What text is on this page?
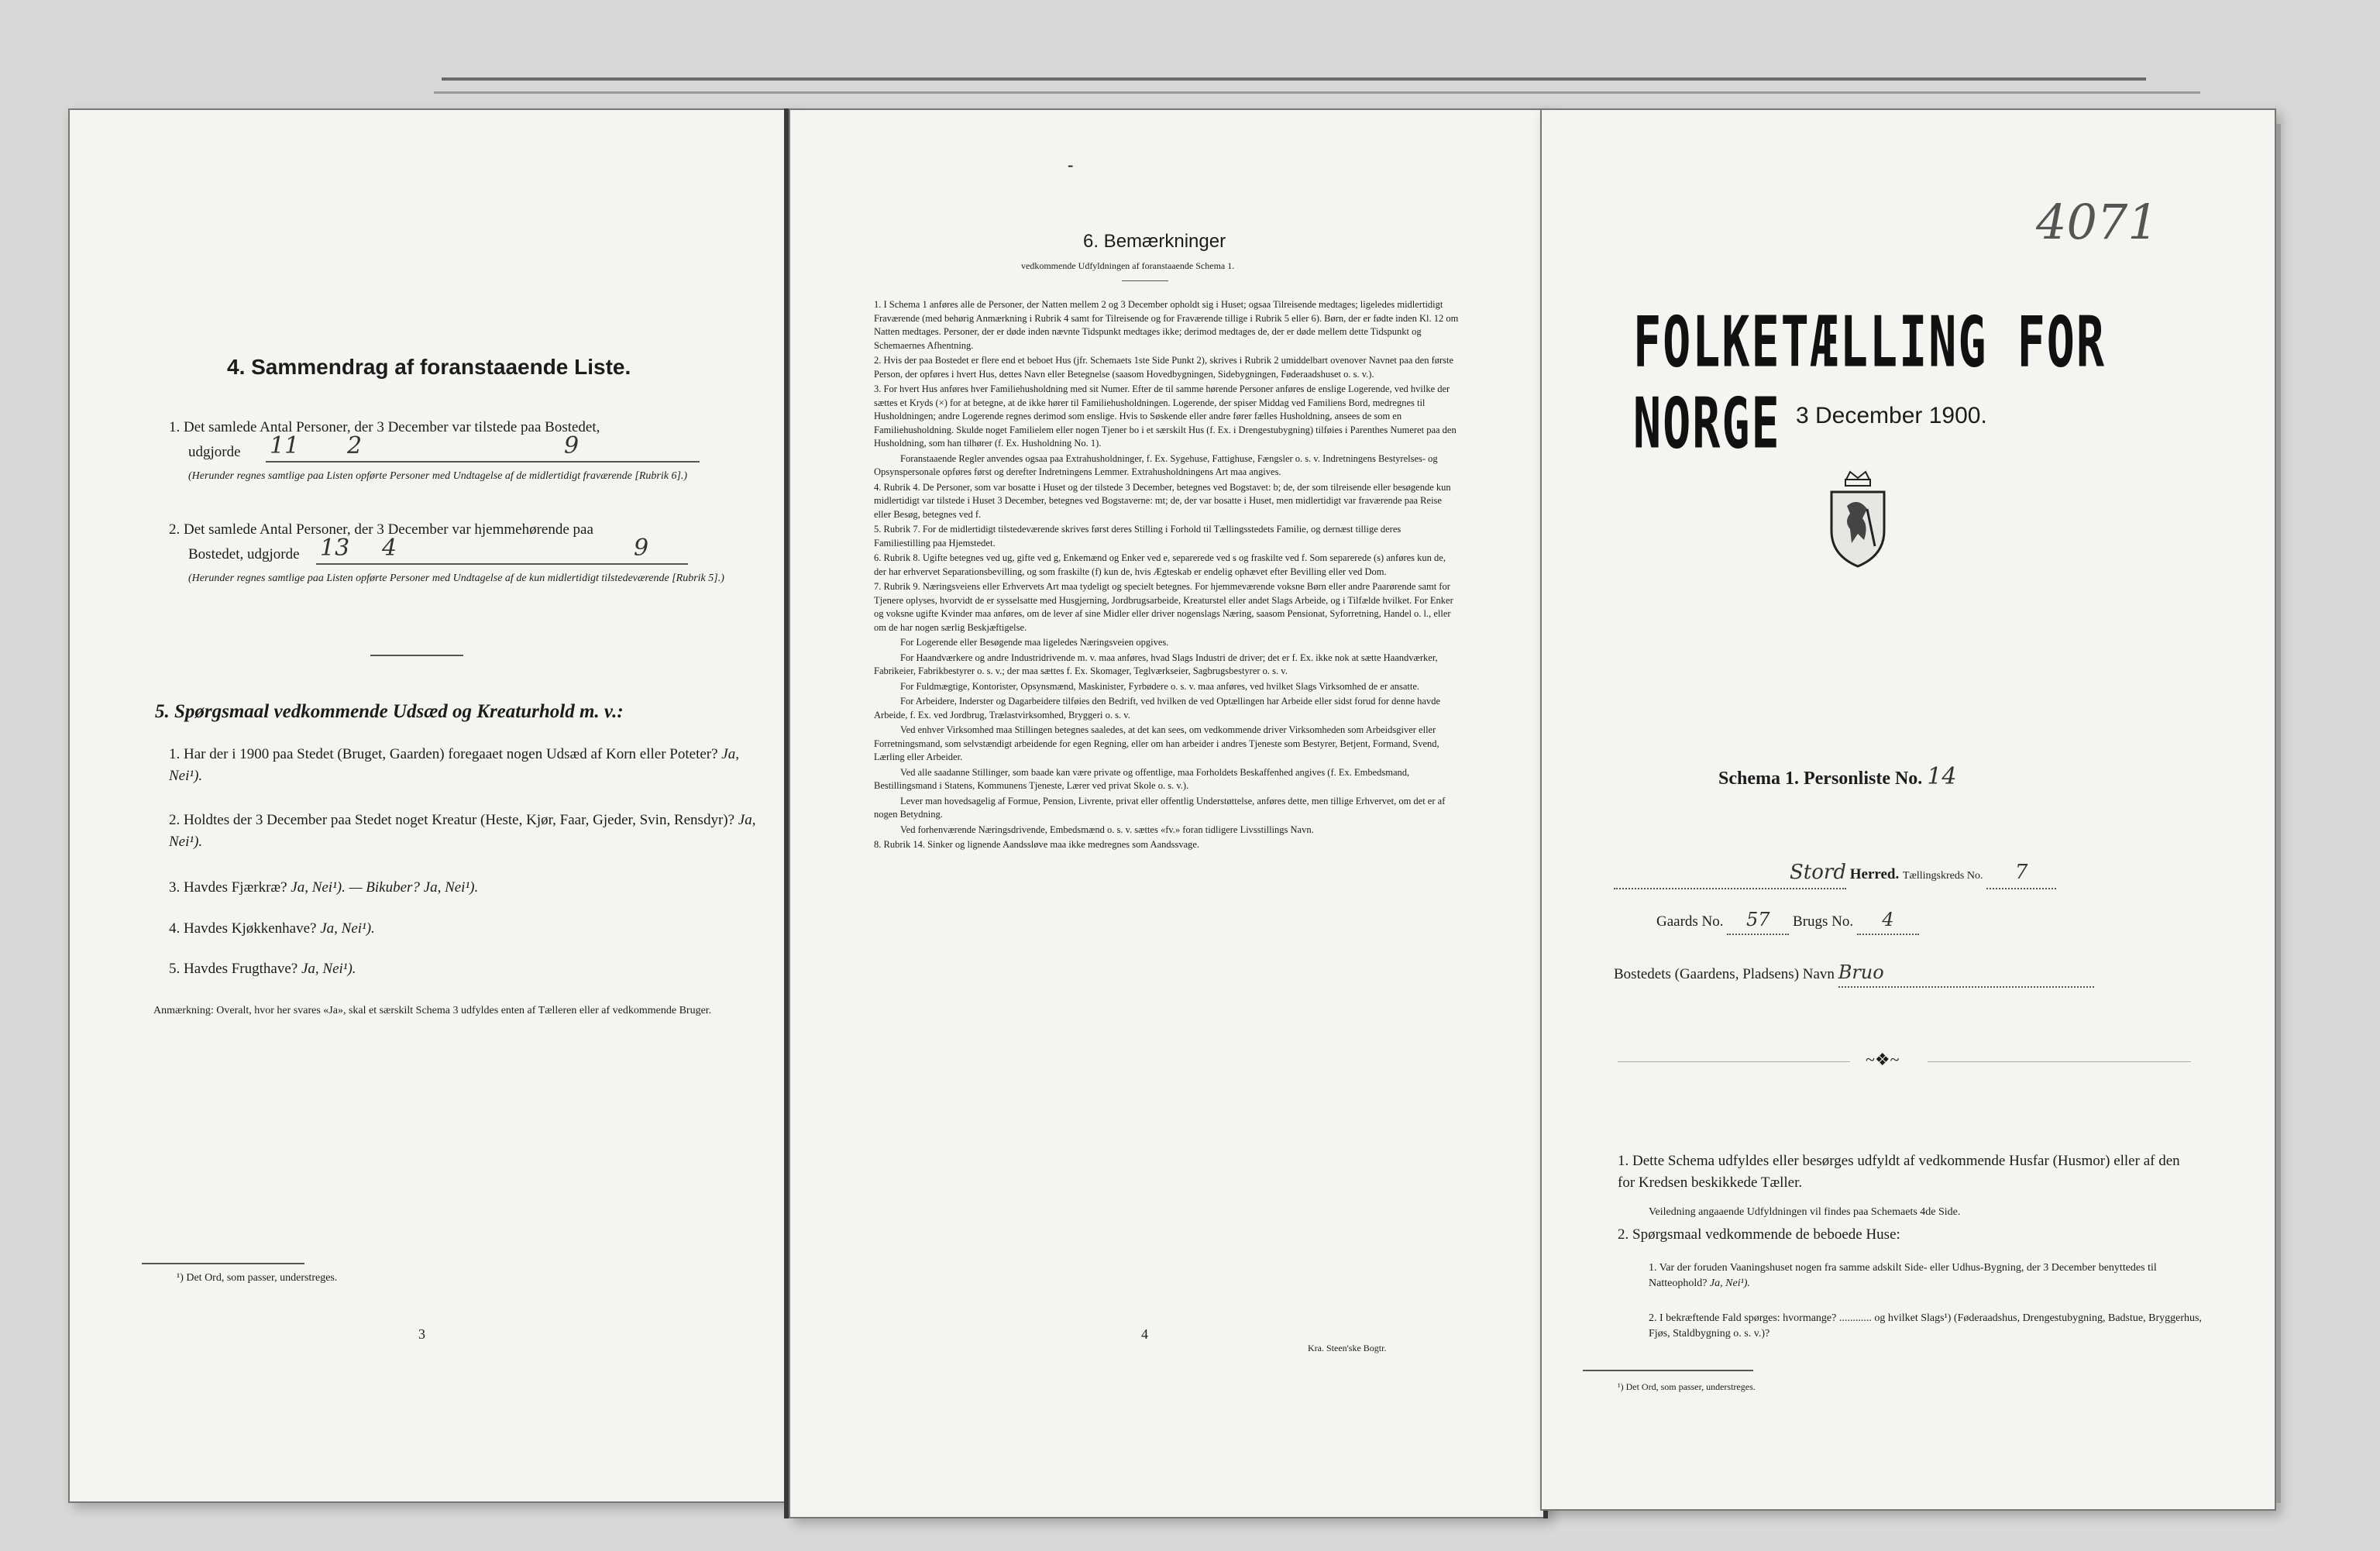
4. Sammendrag af foranstaaende Liste.
1. Det samlede Antal Personer, der 3 December var tilstede paa Bostedet,
udgjorde 11 2	9
(Herunder regnes samtlige paa Listen opførte Personer med Undtagelse af de midlertidigt fraværende [Rubrik 6].)
2. Det samlede Antal Personer, der 3 December var hjemmehørende paa
Bostedet, udgjorde 13 4	9
(Herunder regnes samtlige paa Listen opførte Personer med Undtagelse af de kun midlertidigt tilstedeværende [Rubrik 5].)
5. Spørgsmaal vedkommende Udsæd og Kreaturhold m. v.:
1. Har der i 1900 paa Stedet (Bruget, Gaarden) foregaaet nogen Udsæd af Korn eller Poteter? Ja, Nei¹).
2. Holdtes der 3 December paa Stedet noget Kreatur (Heste, Kjør, Faar, Gjeder, Svin, Rensdyr)? Ja, Nei¹).
3. Havdes Fjærkræ? Ja, Nei¹). — Bikuber? Ja, Nei¹).
4. Havdes Kjøkkenhave? Ja, Nei¹).
5. Havdes Frugthave? Ja, Nei¹).
Anmærkning: Overalt, hvor her svares «Ja», skal et særskilt Schema 3 udfyldes enten af Tælleren eller af vedkommende Bruger.
¹) Det Ord, som passer, understreges.
3
-
6. Bemærkninger
vedkommende Udfyldningen af foranstaaende Schema 1.
1. I Schema 1 anføres alle de Personer, der Natten mellem 2 og 3 December opholdt sig i Huset; ogsaa Tilreisende medtages; ligeledes midlertidigt Fraværende (med behørig Anmærkning i Rubrik 4 samt for Tilreisende og for Fraværende tillige i Rubrik 5 eller 6). Børn, der er fødte inden Kl. 12 om Natten medtages. Personer, der er døde inden nævnte Tidspunkt medtages ikke; derimod medtages de, der er døde mellem dette Tidspunkt og Schemaernes Afhentning.
2. Hvis der paa Bostedet er flere end et beboet Hus (jfr. Schemaets 1ste Side Punkt 2), skrives i Rubrik 2 umiddelbart ovenover Navnet paa den første Person, der opføres i hvert Hus, dettes Navn eller Betegnelse (saasom Hovedbygningen, Sidebygningen, Føderaadshuset o. s. v.).
3. For hvert Hus anføres hver Familiehusholdning med sit Numer. Efter de til samme hørende Personer anføres de enslige Logerende, ved hvilke der sættes et Kryds (×) for at betegne, at de ikke hører til Familiehusholdningen. Logerende, der spiser Middag ved Familiens Bord, medregnes til Husholdningen; andre Logerende regnes derimod som enslige. Hvis to Søskende eller andre fører fælles Husholdning, ansees de som en Familiehusholdning. Skulde noget Familielem eller nogen Tjener bo i et særskilt Hus (f. Ex. i Drengestubygning) tilføies i Parenthes Numeret paa den Husholdning, som han tilhører (f. Ex. Husholdning No. 1).
Foranstaaende Regler anvendes ogsaa paa Extrahusholdninger, f. Ex. Sygehuse, Fattighuse, Fængsler o. s. v. Indretningens Bestyrelses- og Opsynspersonale opføres først og derefter Indretningens Lemmer. Extrahusholdningens Art maa angives.
4. Rubrik 4. De Personer, som var bosatte i Huset og der tilstede 3 December, betegnes ved Bogstavet: b; de, der som tilreisende eller besøgende kun midlertidigt var tilstede i Huset 3 December, betegnes ved Bogstaverne: mt; de, der var bosatte i Huset, men midlertidigt var fraværende paa Reise eller Besøg, betegnes ved f.
5. Rubrik 7. For de midlertidigt tilstedeværende skrives først deres Stilling i Forhold til Tællingsstedets Familie, og dernæst tillige deres Familiestilling paa Hjemstedet.
6. Rubrik 8. Ugifte betegnes ved ug, gifte ved g, Enkemænd og Enker ved e, separerede ved s og fraskilte ved f. Som separerede (s) anføres kun de, der har erhvervet Separationsbevilling, og som fraskilte (f) kun de, hvis Ægteskab er endelig ophævet efter Bevilling eller ved Dom.
7. Rubrik 9. Næringsveiens eller Erhvervets Art maa tydeligt og specielt betegnes. For hjemmeværende voksne Børn eller andre Paarørende samt for Tjenere oplyses, hvorvidt de er sysselsatte med Husgjerning, Jordbrugsarbeide, Kreaturstel eller andet Slags Arbeide, og i Tilfælde hvilket. For Enker og voksne ugifte Kvinder maa anføres, om de lever af sine Midler eller driver nogenslags Næring, saasom Pensionat, Syforretning, Handel o. l., eller om de har nogen særlig Beskjæftigelse.
For Logerende eller Besøgende maa ligeledes Næringsveien opgives.
For Haandværkere og andre Industridrivende m. v. maa anføres, hvad Slags Industri de driver; det er f. Ex. ikke nok at sætte Haandværker, Fabrikeier, Fabrikbestyrer o. s. v.; der maa sættes f. Ex. Skomager, Teglværkseier, Sagbrugsbestyrer o. s. v.
For Fuldmægtige, Kontorister, Opsynsmænd, Maskinister, Fyrbødere o. s. v. maa anføres, ved hvilket Slags Virksomhed de er ansatte.
For Arbeidere, Inderster og Dagarbeidere tilføies den Bedrift, ved hvilken de ved Optællingen har Arbeide eller sidst forud for denne havde Arbeide, f. Ex. ved Jordbrug, Trælastvirksomhed, Bryggeri o. s. v.
Ved enhver Virksomhed maa Stillingen betegnes saaledes, at det kan sees, om vedkommende driver Virksomheden som Arbeidsgiver eller Forretningsmand, som selvstændigt arbeidende for egen Regning, eller om han arbeider i andres Tjeneste som Bestyrer, Betjent, Formand, Svend, Lærling eller Arbeider.
Ved alle saadanne Stillinger, som baade kan være private og offentlige, maa Forholdets Beskaffenhed angives (f. Ex. Embedsmand, Bestillingsmand i Statens, Kommunens Tjeneste, Lærer ved privat Skole o. s. v.).
Lever man hovedsagelig af Formue, Pension, Livrente, privat eller offentlig Understøttelse, anføres dette, men tillige Erhvervet, om det er af nogen Betydning.
Ved forhenværende Næringsdrivende, Embedsmænd o. s. v. sættes «fv.» foran tidligere Livsstillings Navn.
8. Rubrik 14. Sinker og lignende Aandssløve maa ikke medregnes som Aandssvage.
4
Kra. Steen'ske Bogtr.
4071
FOLKETÆLLING FOR NORGE 3 December 1900.
Schema 1. Personliste No. 14
Stord Herred. Tællingskreds No. 7
Gaards No. 57 Brugs No. 4
Bostedets (Gaardens, Pladsens) Navn Bruo
~❖~
1. Dette Schema udfyldes eller besørges udfyldt af vedkommende Husfar (Husmor) eller af den for Kredsen beskikkede Tæller.
Veiledning angaaende Udfyldningen vil findes paa Schemaets 4de Side.
2. Spørgsmaal vedkommende de beboede Huse:
1. Var der foruden Vaaningshuset nogen fra samme adskilt Side- eller Udhus-Bygning, der 3 December benyttedes til Natteophold? Ja, Nei¹).
2. I bekræftende Fald spørges: hvormange? ............ og hvilket Slags¹) (Føderaadshus, Drengestubygning, Badstue, Bryggerhus, Fjøs, Staldbygning o. s. v.)?
¹) Det Ord, som passer, understreges.
